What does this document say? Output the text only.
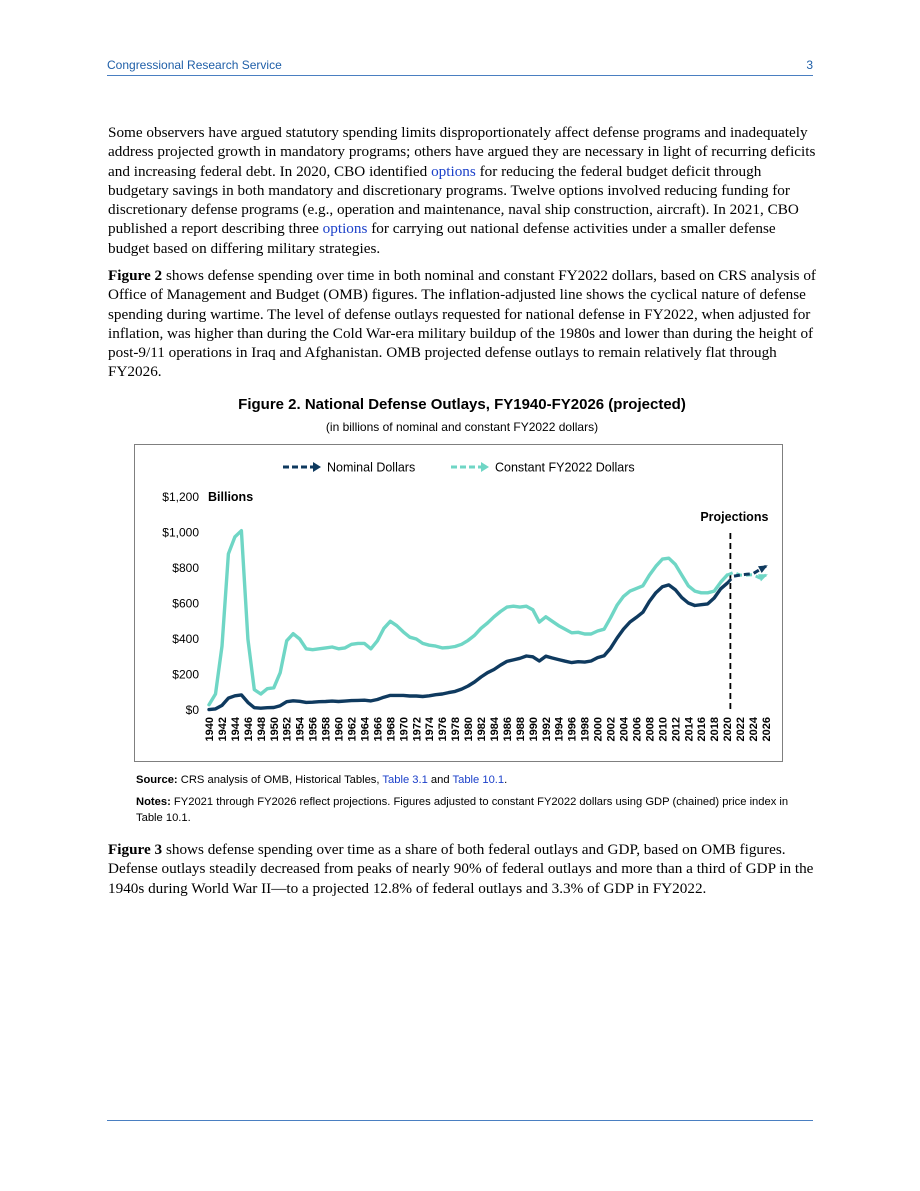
Congressional Research Service	3

Some observers have argued statutory spending limits disproportionately affect defense programs and inadequately address projected growth in mandatory programs; others have argued they are necessary in light of recurring deficits and increasing federal debt. In 2020, CBO identified options for reducing the federal budget deficit through budgetary savings in both mandatory and discretionary programs. Twelve options involved reducing funding for discretionary defense programs (e.g., operation and maintenance, naval ship construction, aircraft). In 2021, CBO published a report describing three options for carrying out national defense activities under a smaller defense budget based on differing military strategies.

Figure 2 shows defense spending over time in both nominal and constant FY2022 dollars, based on CRS analysis of Office of Management and Budget (OMB) figures. The inflation-adjusted line shows the cyclical nature of defense spending during wartime. The level of defense outlays requested for national defense in FY2022, when adjusted for inflation, was higher than during the Cold War-era military buildup of the 1980s and lower than during the height of post-9/11 operations in Iraq and Afghanistan. OMB projected defense outlays to remain relatively flat through FY2026.

Figure 2. National Defense Outlays, FY1940-FY2026 (projected)
(in billions of nominal and constant FY2022 dollars)
$0
$200
$400
$600
$800
$1,000
$1,200 Billions
1940 1942 1944 1946 1948 1950 1952 1954 1956 1958 1960 1962 1964 1966 1968 1970 1972 1974 1976 1978 1980 1982 1984 1986 1988 1990 1992 1994 1996 1998 2000 2002 2004 2006 2008 2010 2012 2014 2016 2018 2020 2022 2024 2026
Projections
Nominal Dollars	Constant FY2022 Dollars

Source: CRS analysis of OMB, Historical Tables, Table 3.1 and Table 10.1.

Notes: FY2021 through FY2026 reflect projections. Figures adjusted to constant FY2022 dollars using GDP (chained) price index in Table 10.1.

Figure 3 shows defense spending over time as a share of both federal outlays and GDP, based on OMB figures. Defense outlays steadily decreased from peaks of nearly 90% of federal outlays and more than a third of GDP in the 1940s during World War II—to a projected 12.8% of federal outlays and 3.3% of GDP in FY2022.
